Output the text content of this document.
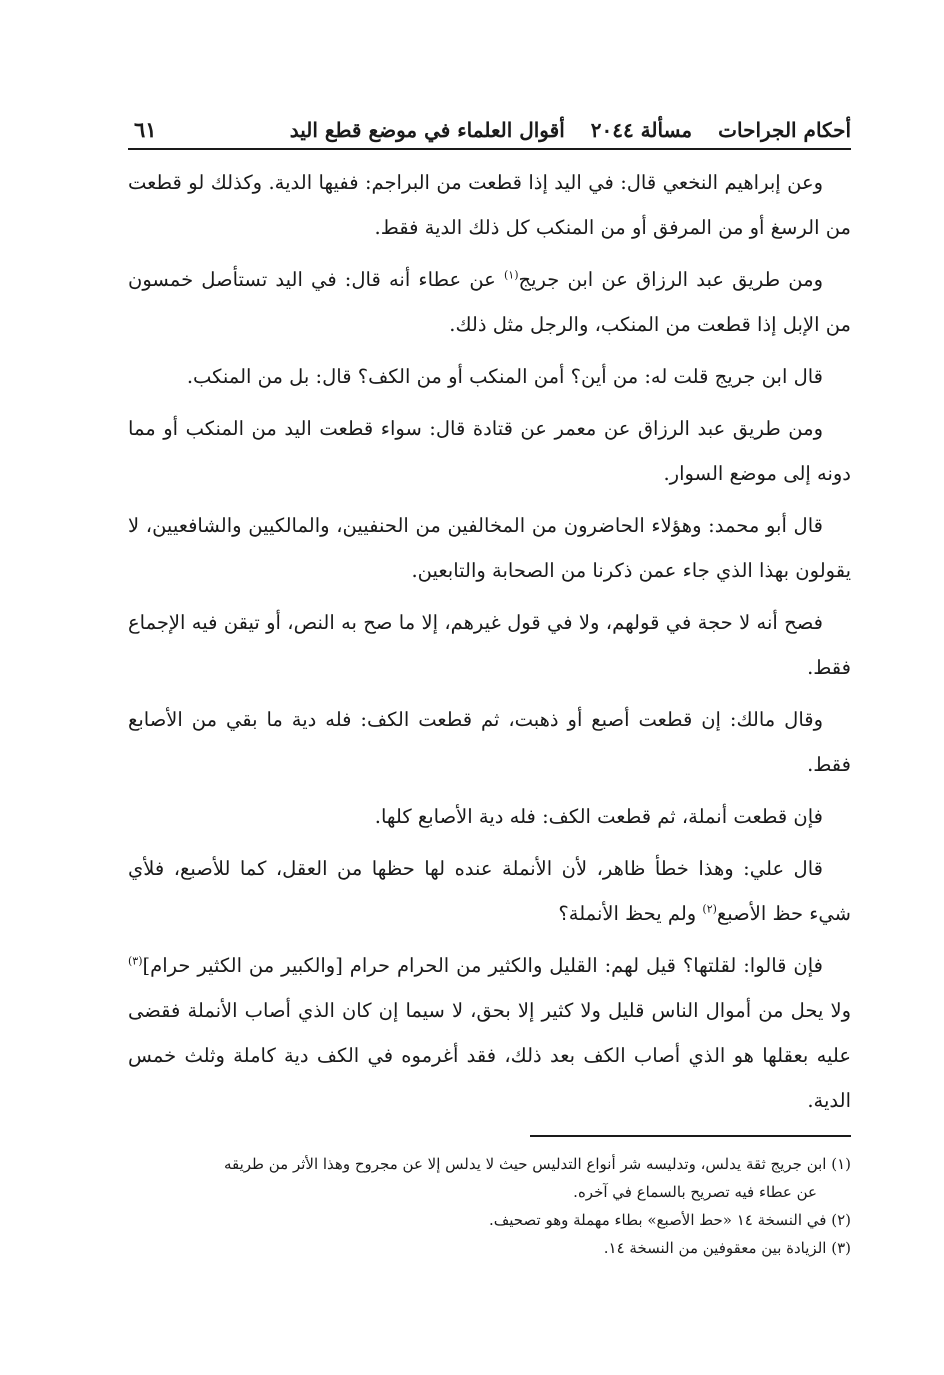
أحكام الجراحات
مسألة ٢٠٤٤
أقوال العلماء في موضع قطع اليد
٦١

وعن إبراهيم النخعي قال: في اليد إذا قطعت من البراجم: ففيها الدية. وكذلك لو قطعت من الرسغ أو من المرفق أو من المنكب كل ذلك الدية فقط.

ومن طريق عبد الرزاق عن ابن جريج$^{(١)}$ عن عطاء أنه قال: في اليد تستأصل خمسون من الإبل إذا قطعت من المنكب، والرجل مثل ذلك.

قال ابن جريج قلت له: من أين؟ أمن المنكب أو من الكف؟ قال: بل من المنكب.

ومن طريق عبد الرزاق عن معمر عن قتادة قال: سواء قطعت اليد من المنكب أو مما دونه إلى موضع السوار.

قال أبو محمد: وهؤلاء الحاضرون من المخالفين من الحنفيين، والمالكيين والشافعيين، لا يقولون بهذا الذي جاء عمن ذكرنا من الصحابة والتابعين.

فصح أنه لا حجة في قولهم، ولا في قول غيرهم، إلا ما صح به النص، أو تيقن فيه الإجماع فقط.

وقال مالك: إن قطعت أصبع أو ذهبت، ثم قطعت الكف: فله دية ما بقي من الأصابع فقط.

فإن قطعت أنملة، ثم قطعت الكف: فله دية الأصابع كلها.

قال علي: وهذا خطأ ظاهر، لأن الأنملة عنده لها حظها من العقل، كما للأصبع، فلأي شيء حظ الأصبع$^{(٢)}$ ولم يحظ الأنملة؟

فإن قالوا: لقلتها؟ قيل لهم: القليل والكثير من الحرام حرام [والكبير من الكثير حرام]$^{(٣)}$ ولا يحل من أموال الناس قليل ولا كثير إلا بحق، لا سيما إن كان الذي أصاب الأنملة فقضى عليه بعقلها هو الذي أصاب الكف بعد ذلك، فقد أغرموه في الكف دية كاملة وثلث خمس الدية.

(١) ابن جريج ثقة يدلس، وتدليسه شر أنواع التدليس حيث لا يدلس إلا عن مجروح وهذا الأثر من طريقه

عن عطاء فيه تصريح بالسماع في آخره.

(٢) في النسخة ١٤ «حط الأصبع» بطاء مهملة وهو تصحيف.

(٣) الزيادة بين معقوفين من النسخة ١٤.
